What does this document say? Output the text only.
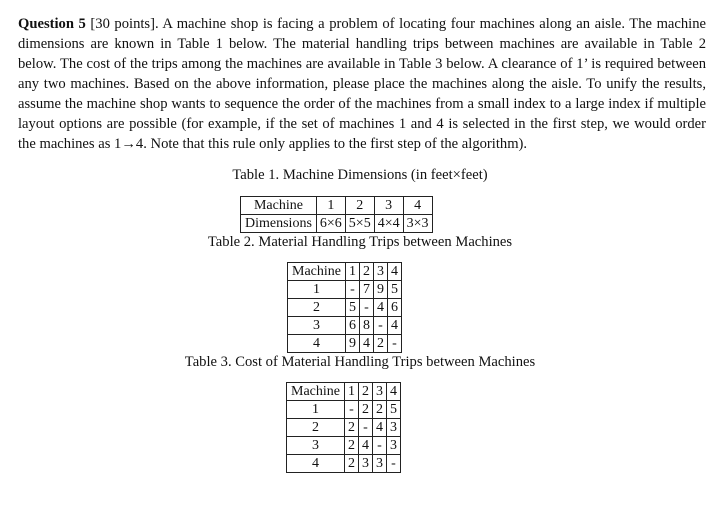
Question 5 [30 points]. A machine shop is facing a problem of locating four machines along an aisle. The machine dimensions are known in Table 1 below. The material handling trips between machines are available in Table 2 below. The cost of the trips among the machines are available in Table 3 below. A clearance of 1’ is required between any two machines. Based on the above information, please place the machines along the aisle. To unify the results, assume the machine shop wants to sequence the order of the machines from a small index to a large index if multiple layout options are possible (for example, if the set of machines 1 and 4 is selected in the first step, we would order the machines as 1→4. Note that this rule only applies to the first step of the algorithm).

Table 1. Machine Dimensions (in feet×feet)
Machine	1	2	3	4
Dimensions	6×6	5×5	4×4	3×3
Table 2. Material Handling Trips between Machines
Machine	1	2	3	4
1	-	7	9	5
2	5	-	4	6
3	6	8	-	4
4	9	4	2	-
Table 3. Cost of Material Handling Trips between Machines
Machine	1	2	3	4
1	-	2	2	5
2	2	-	4	3
3	2	4	-	3
4	2	3	3	-
